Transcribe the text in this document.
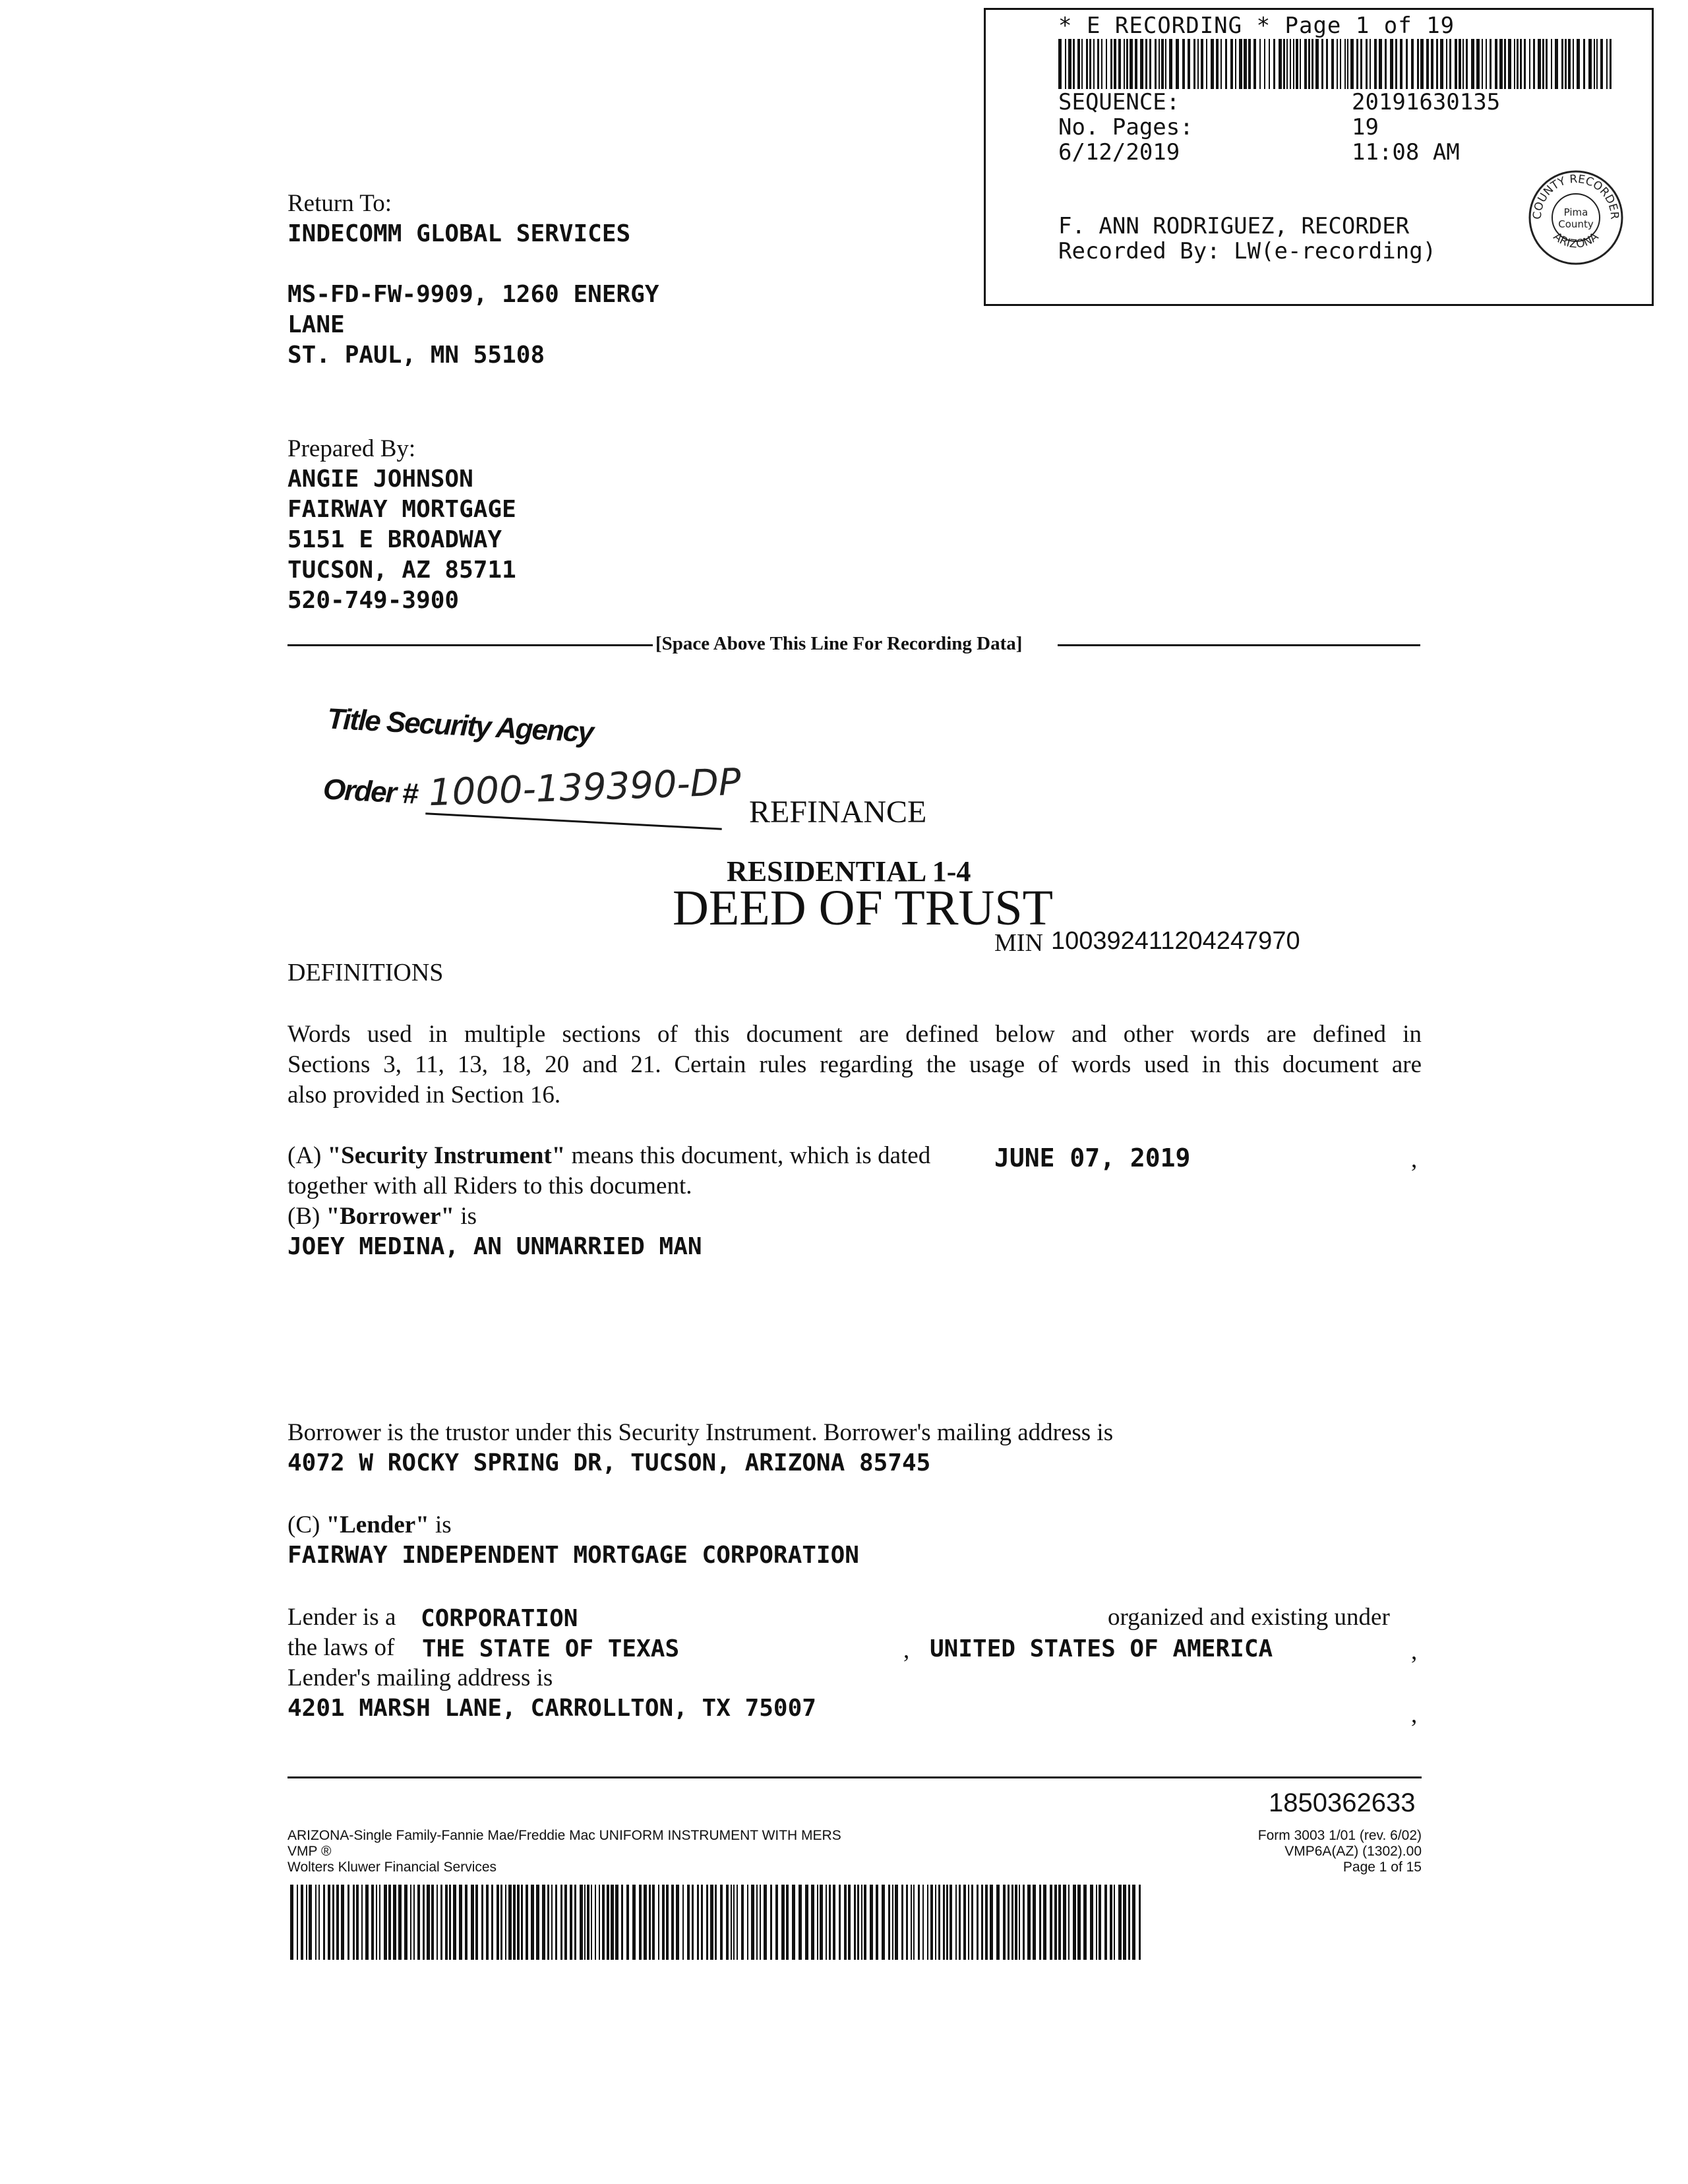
* E RECORDING * Page 1 of 19
SEQUENCE:	20191630135
No. Pages:	19
6/12/2019	11:08 AM
F. ANN RODRIGUEZ, RECORDER
Recorded By: LW(e-recording)
COUNTY RECORDER
ARIZONA
Pima
County
Return To:
INDECOMM GLOBAL SERVICES
MS-FD-FW-9909, 1260 ENERGY
LANE
ST. PAUL, MN 55108
Prepared By:
ANGIE JOHNSON
FAIRWAY MORTGAGE
5151 E BROADWAY
TUCSON, AZ 85711
520-749-3900
[Space Above This Line For Recording Data]
Title Security Agency
Order # 1000-139390-DP REFINANCE
RESIDENTIAL 1-4
DEED OF TRUST
MIN 100392411204247970
DEFINITIONS
Words used in multiple sections of this document are defined below and other words are defined in
Sections 3, 11, 13, 18, 20 and 21. Certain rules regarding the usage of words used in this document are
also provided in Section 16.
(A) "Security Instrument" means this document, which is dated	JUNE 07, 2019	,
together with all Riders to this document.
(B) "Borrower" is
JOEY MEDINA, AN UNMARRIED MAN
Borrower is the trustor under this Security Instrument. Borrower's mailing address is
4072 W ROCKY SPRING DR, TUCSON, ARIZONA 85745
(C) "Lender" is
FAIRWAY INDEPENDENT MORTGAGE CORPORATION
Lender is a CORPORATION	organized and existing under
the laws of THE STATE OF TEXAS	, UNITED STATES OF AMERICA	,
Lender's mailing address is
4201 MARSH LANE, CARROLLTON, TX 75007	,
1850362633
ARIZONA-Single Family-Fannie Mae/Freddie Mac UNIFORM INSTRUMENT WITH MERS
VMP ®
Wolters Kluwer Financial Services
Form 3003 1/01 (rev. 6/02)
VMP6A(AZ) (1302).00
Page 1 of 15
